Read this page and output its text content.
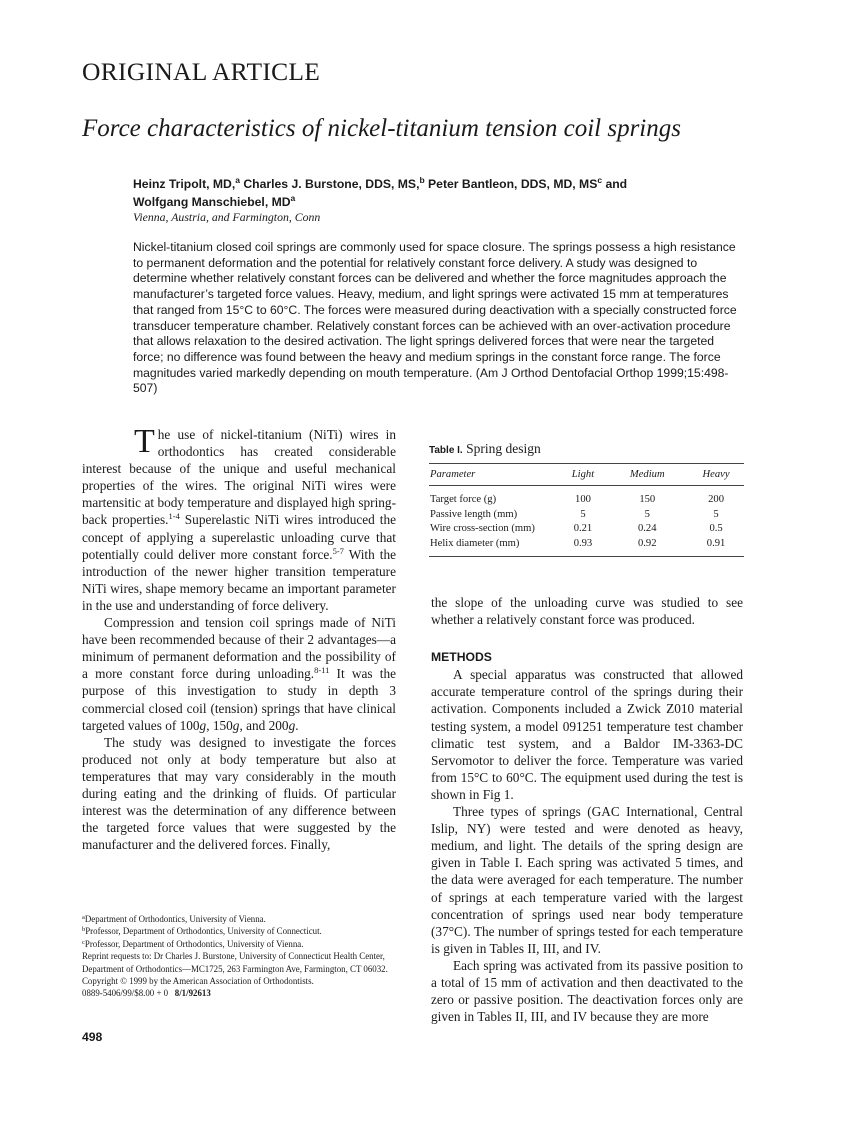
ORIGINAL ARTICLE
Force characteristics of nickel-titanium tension coil springs
Heinz Tripolt, MD,$^a$ Charles J. Burstone, DDS, MS,$^b$ Peter Bantleon, DDS, MD, $MS^c$ and
Wolfgang Manschiebel, $MD^a$
Vienna, Austria, and Farmington, Conn

Nickel-titanium closed coil springs are commonly used for space closure. The springs possess a high resistance to permanent deformation and the potential for relatively constant force delivery. A study was designed to determine whether relatively constant forces can be delivered and whether the force magnitudes approach the manufacturer’s targeted force values. Heavy, medium, and light springs were activated 15 mm at temperatures that ranged from 15°C to 60°C. The forces were measured during deactivation with a specially constructed force transducer temperature chamber. Relatively constant forces can be achieved with an over-activation procedure that allows relaxation to the desired activation. The light springs delivered forces that were near the targeted force; no difference was found between the heavy and medium springs in the constant force range. The force magnitudes varied markedly depending on mouth temperature. (Am J Orthod Dentofacial Orthop 1999;15:498-507)

The use of nickel-titanium (NiTi) wires in orthodontics has created considerable interest because of the unique and useful mechanical properties of the wires. The original NiTi wires were martensitic at body temperature and displayed high spring-back properties.$^{1-4}$ Superelastic NiTi wires introduced the concept of applying a superelastic unloading curve that potentially could deliver more constant force.$^{5-7}$ With the introduction of the newer higher transition temperature NiTi wires, shape memory became an important parameter in the use and understanding of force delivery.

Compression and tension coil springs made of NiTi have been recommended because of their 2 advantages—a minimum of permanent deformation and the possibility of a more constant force during unloading.$^{8-11}$ It was the purpose of this investigation to study in depth 3 commercial closed coil (tension) springs that have clinical targeted values of 100g, 150g, and 200g.

The study was designed to investigate the forces produced not only at body temperature but also at temperatures that may vary considerably in the mouth during eating and the drinking of fluids. Of particular interest was the determination of any difference between the targeted force values that were suggested by the manufacturer and the delivered forces. Finally,

Table I. Spring design

Parameter	Light	Medium	Heavy
Target force (g)	100	150	200
Passive length (mm)	5	5	5
Wire cross-section (mm)	0.21	0.24	0.5
Helix diameter (mm)	0.93	0.92	0.91

the slope of the unloading curve was studied to see whether a relatively constant force was produced.

METHODS

A special apparatus was constructed that allowed accurate temperature control of the springs during their activation. Components included a Zwick Z010 material testing system, a model 091251 temperature test chamber climatic test system, and a Baldor IM-3363-DC Servomotor to deliver the force. Temperature was varied from 15°C to 60°C. The equipment used during the test is shown in Fig 1.

Three types of springs (GAC International, Central Islip, NY) were tested and were denoted as heavy, medium, and light. The details of the spring design are given in Table I. Each spring was activated 5 times, and the data were averaged for each temperature. The number of springs at each temperature varied with the largest concentration of springs used near body temperature (37°C). The number of springs tested for each temperature is given in Tables II, III, and IV.

Each spring was activated from its passive position to a total of 15 mm of activation and then deactivated to the zero or passive position. The deactivation forces only are given in Tables II, III, and IV because they are more

$^a$Department of Orthodontics, University of Vienna.
$^b$Professor, Department of Orthodontics, University of Connecticut.
$^c$Professor, Department of Orthodontics, University of Vienna.
Reprint requests to: Dr Charles J. Burstone, University of Connecticut Health Center, Department of Orthodontics—MC1725, 263 Farmington Ave, Farmington, CT 06032.
Copyright © 1999 by the American Association of Orthodontists.
0889-5406/99/$8.00 + 0 8/1/92613

498
